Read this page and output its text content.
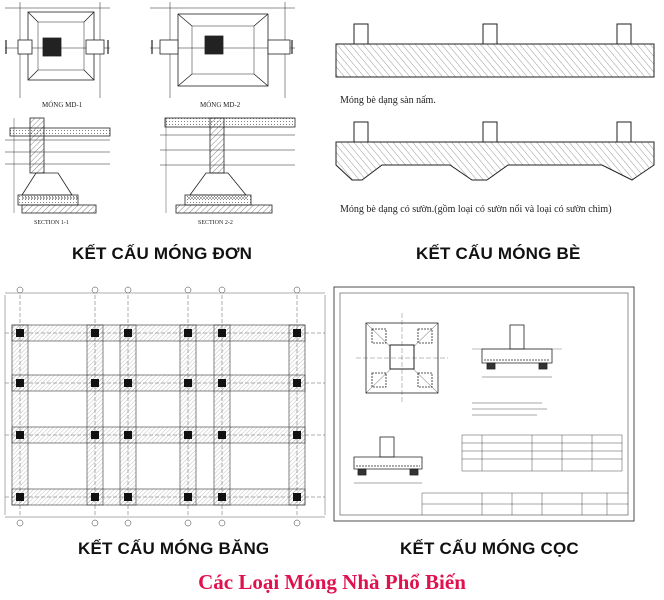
MÓNG MD-1	MÓNG MD-2
SECTION 1-1	SECTION 2-2
KẾT CẤU MÓNG ĐƠN
Móng bè dạng sàn nấm.
Móng bè dạng có sườn.(gồm loại có sườn nổi và loại có sườn chìm)
KẾT CẤU MÓNG BÈ
KẾT CẤU MÓNG BĂNG	KẾT CẤU MÓNG CỌC
Các Loại Móng Nhà Phổ Biến
